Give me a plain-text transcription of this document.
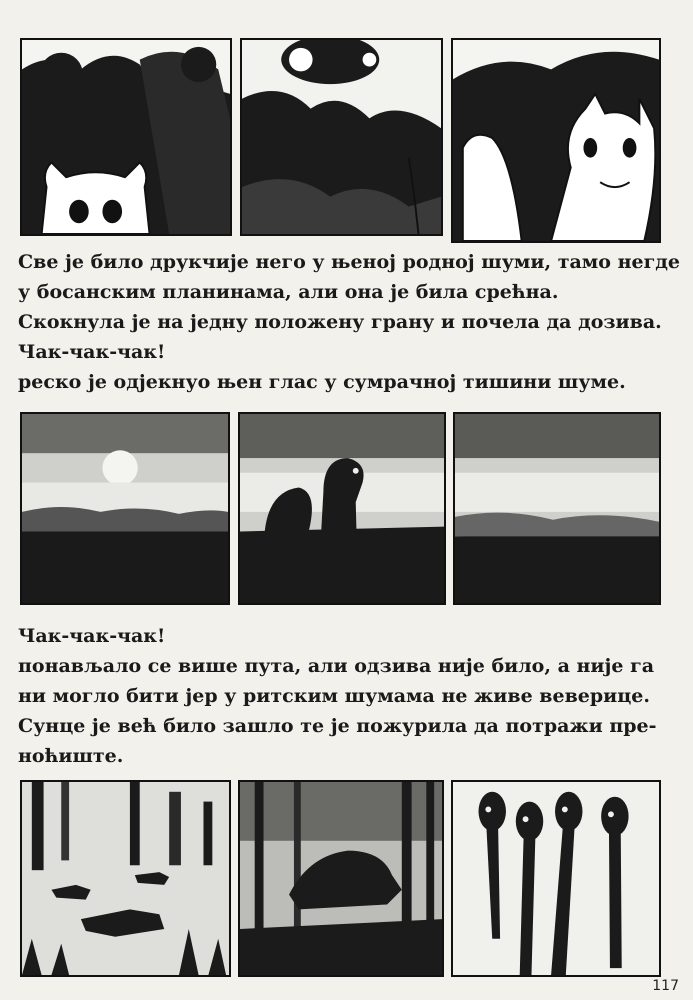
Све је било друкчије него у њеној родној шуми, тамо негде

у босанским планинама, али она је била срећна.

Скокнула је на једну положену грану и почела да дозива.

Чак-чак-чак!

реско је одјекнуо њен глас у сумрачној тишини шуме.

Чак-чак-чак!

понављало се више пута, али одзива није било, а није га

ни могло бити јер у ритским шумама не живе веверице.

Сунце је већ било зашло те је пожурила да потражи пре-

ноћиште.

117
